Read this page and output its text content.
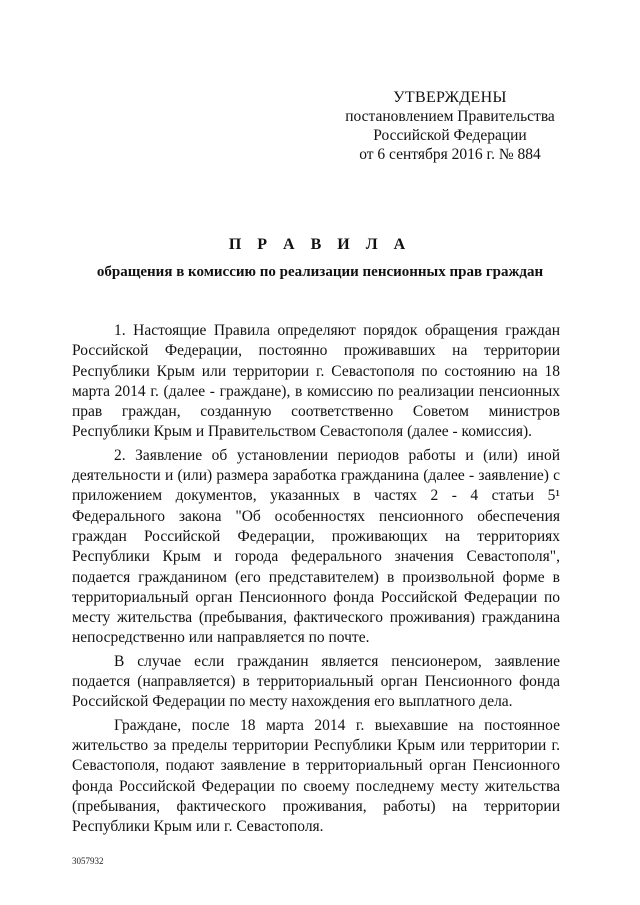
УТВЕРЖДЕНЫ
постановлением Правительства
Российской Федерации
от 6 сентября 2016 г. № 884
П Р А В И Л А
обращения в комиссию по реализации пенсионных прав граждан

1. Настоящие Правила определяют порядок обращения граждан Российской Федерации, постоянно проживавших на территории Республики Крым или территории г. Севастополя по состоянию на 18 марта 2014 г. (далее - граждане), в комиссию по реализации пенсионных прав граждан, созданную соответственно Советом министров Республики Крым и Правительством Севастополя (далее - комиссия).

2. Заявление об установлении периодов работы и (или) иной деятельности и (или) размера заработка гражданина (далее - заявление) с приложением документов, указанных в частях 2 - 4 статьи 5¹ Федерального закона "Об особенностях пенсионного обеспечения граждан Российской Федерации, проживающих на территориях Республики Крым и города федерального значения Севастополя", подается гражданином (его представителем) в произвольной форме в территориальный орган Пенсионного фонда Российской Федерации по месту жительства (пребывания, фактического проживания) гражданина непосредственно или направляется по почте.

В случае если гражданин является пенсионером, заявление подается (направляется) в территориальный орган Пенсионного фонда Российской Федерации по месту нахождения его выплатного дела.

Граждане, после 18 марта 2014 г. выехавшие на постоянное жительство за пределы территории Республики Крым или территории г. Севастополя, подают заявление в территориальный орган Пенсионного фонда Российской Федерации по своему последнему месту жительства (пребывания, фактического проживания, работы) на территории Республики Крым или г. Севастополя.

3057932
